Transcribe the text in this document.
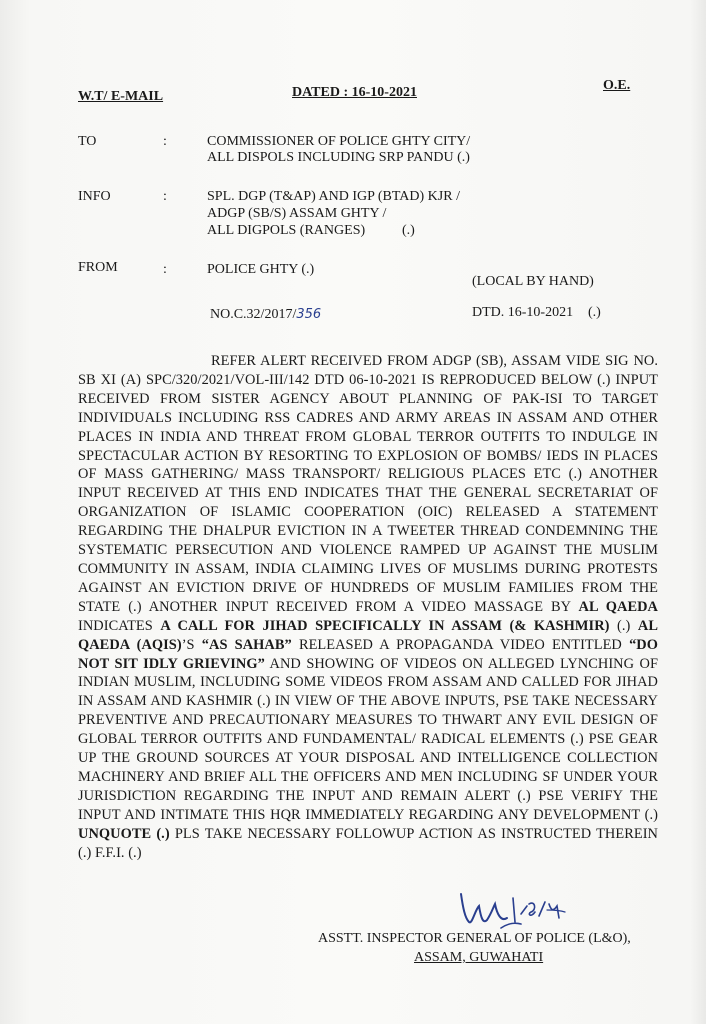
W.T/ E-MAIL	DATED : 16-10-2021	O.E.
TO	:	COMMISSIONER OF POLICE GHTY CITY/
ALL DISPOLS INCLUDING SRP PANDU (.)
INFO	:	SPL. DGP (T&AP) AND IGP (BTAD) KJR /
ADGP (SB/S) ASSAM GHTY /
ALL DIGPOLS (RANGES)	(.)
FROM	:	POLICE GHTY (.)
(LOCAL BY HAND)
NO.C.32/2017/356	DTD. 16-10-2021 (.)
REFER ALERT RECEIVED FROM ADGP (SB), ASSAM VIDE SIG NO. SB XI (A) SPC/320/2021/VOL-III/142 DTD 06-10-2021 IS REPRODUCED BELOW (.) INPUT RECEIVED FROM SISTER AGENCY ABOUT PLANNING OF PAK-ISI TO TARGET INDIVIDUALS INCLUDING RSS CADRES AND ARMY AREAS IN ASSAM AND OTHER PLACES IN INDIA AND THREAT FROM GLOBAL TERROR OUTFITS TO INDULGE IN SPECTACULAR ACTION BY RESORTING TO EXPLOSION OF BOMBS/ IEDS IN PLACES OF MASS GATHERING/ MASS TRANSPORT/ RELIGIOUS PLACES ETC (.) ANOTHER INPUT RECEIVED AT THIS END INDICATES THAT THE GENERAL SECRETARIAT OF ORGANIZATION OF ISLAMIC COOPERATION (OIC) RELEASED A STATEMENT REGARDING THE DHALPUR EVICTION IN A TWEETER THREAD CONDEMNING THE SYSTEMATIC PERSECUTION AND VIOLENCE RAMPED UP AGAINST THE MUSLIM COMMUNITY IN ASSAM, INDIA CLAIMING LIVES OF MUSLIMS DURING PROTESTS AGAINST AN EVICTION DRIVE OF HUNDREDS OF MUSLIM FAMILIES FROM THE STATE (.) ANOTHER INPUT RECEIVED FROM A VIDEO MASSAGE BY AL QAEDA INDICATES A CALL FOR JIHAD SPECIFICALLY IN ASSAM (& KASHMIR) (.) AL QAEDA (AQIS)’S “AS SAHAB” RELEASED A PROPAGANDA VIDEO ENTITLED “DO NOT SIT IDLY GRIEVING” AND SHOWING OF VIDEOS ON ALLEGED LYNCHING OF INDIAN MUSLIM, INCLUDING SOME VIDEOS FROM ASSAM AND CALLED FOR JIHAD IN ASSAM AND KASHMIR (.) IN VIEW OF THE ABOVE INPUTS, PSE TAKE NECESSARY PREVENTIVE AND PRECAUTIONARY MEASURES TO THWART ANY EVIL DESIGN OF GLOBAL TERROR OUTFITS AND FUNDAMENTAL/ RADICAL ELEMENTS (.) PSE GEAR UP THE GROUND SOURCES AT YOUR DISPOSAL AND INTELLIGENCE COLLECTION MACHINERY AND BRIEF ALL THE OFFICERS AND MEN INCLUDING SF UNDER YOUR JURISDICTION REGARDING THE INPUT AND REMAIN ALERT (.) PSE VERIFY THE INPUT AND INTIMATE THIS HQR IMMEDIATELY REGARDING ANY DEVELOPMENT (.) UNQUOTE (.) PLS TAKE NECESSARY FOLLOWUP ACTION AS INSTRUCTED THEREIN (.) F.F.I. (.)
ASSTT. INSPECTOR GENERAL OF POLICE (L&O),
ASSAM, GUWAHATI
